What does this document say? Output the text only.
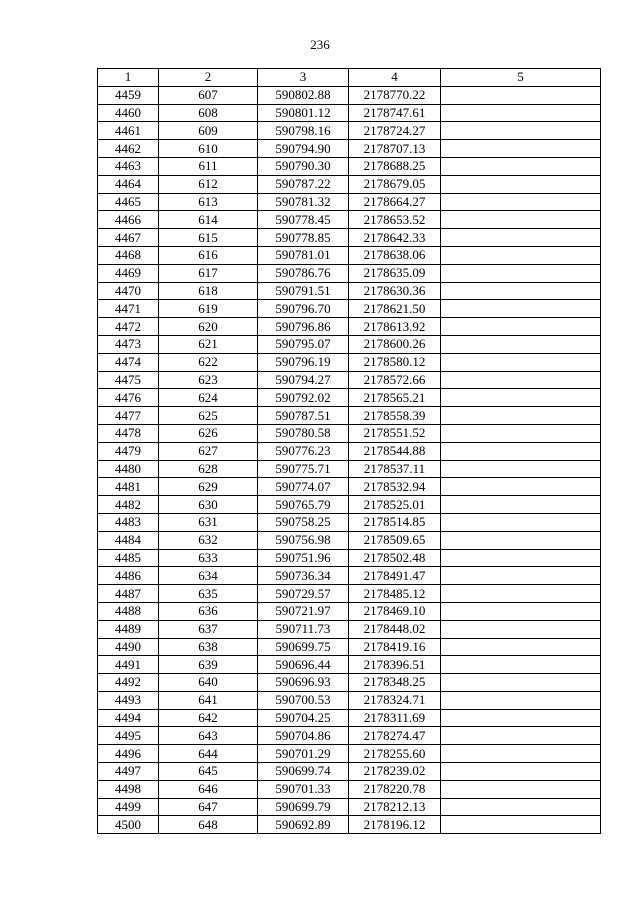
236
1	2	3	4	5
4459	607	590802.88	2178770.22	
4460	608	590801.12	2178747.61	
4461	609	590798.16	2178724.27	
4462	610	590794.90	2178707.13	
4463	611	590790.30	2178688.25	
4464	612	590787.22	2178679.05	
4465	613	590781.32	2178664.27	
4466	614	590778.45	2178653.52	
4467	615	590778.85	2178642.33	
4468	616	590781.01	2178638.06	
4469	617	590786.76	2178635.09	
4470	618	590791.51	2178630.36	
4471	619	590796.70	2178621.50	
4472	620	590796.86	2178613.92	
4473	621	590795.07	2178600.26	
4474	622	590796.19	2178580.12	
4475	623	590794.27	2178572.66	
4476	624	590792.02	2178565.21	
4477	625	590787.51	2178558.39	
4478	626	590780.58	2178551.52	
4479	627	590776.23	2178544.88	
4480	628	590775.71	2178537.11	
4481	629	590774.07	2178532.94	
4482	630	590765.79	2178525.01	
4483	631	590758.25	2178514.85	
4484	632	590756.98	2178509.65	
4485	633	590751.96	2178502.48	
4486	634	590736.34	2178491.47	
4487	635	590729.57	2178485.12	
4488	636	590721.97	2178469.10	
4489	637	590711.73	2178448.02	
4490	638	590699.75	2178419.16	
4491	639	590696.44	2178396.51	
4492	640	590696.93	2178348.25	
4493	641	590700.53	2178324.71	
4494	642	590704.25	2178311.69	
4495	643	590704.86	2178274.47	
4496	644	590701.29	2178255.60	
4497	645	590699.74	2178239.02	
4498	646	590701.33	2178220.78	
4499	647	590699.79	2178212.13	
4500	648	590692.89	2178196.12	
